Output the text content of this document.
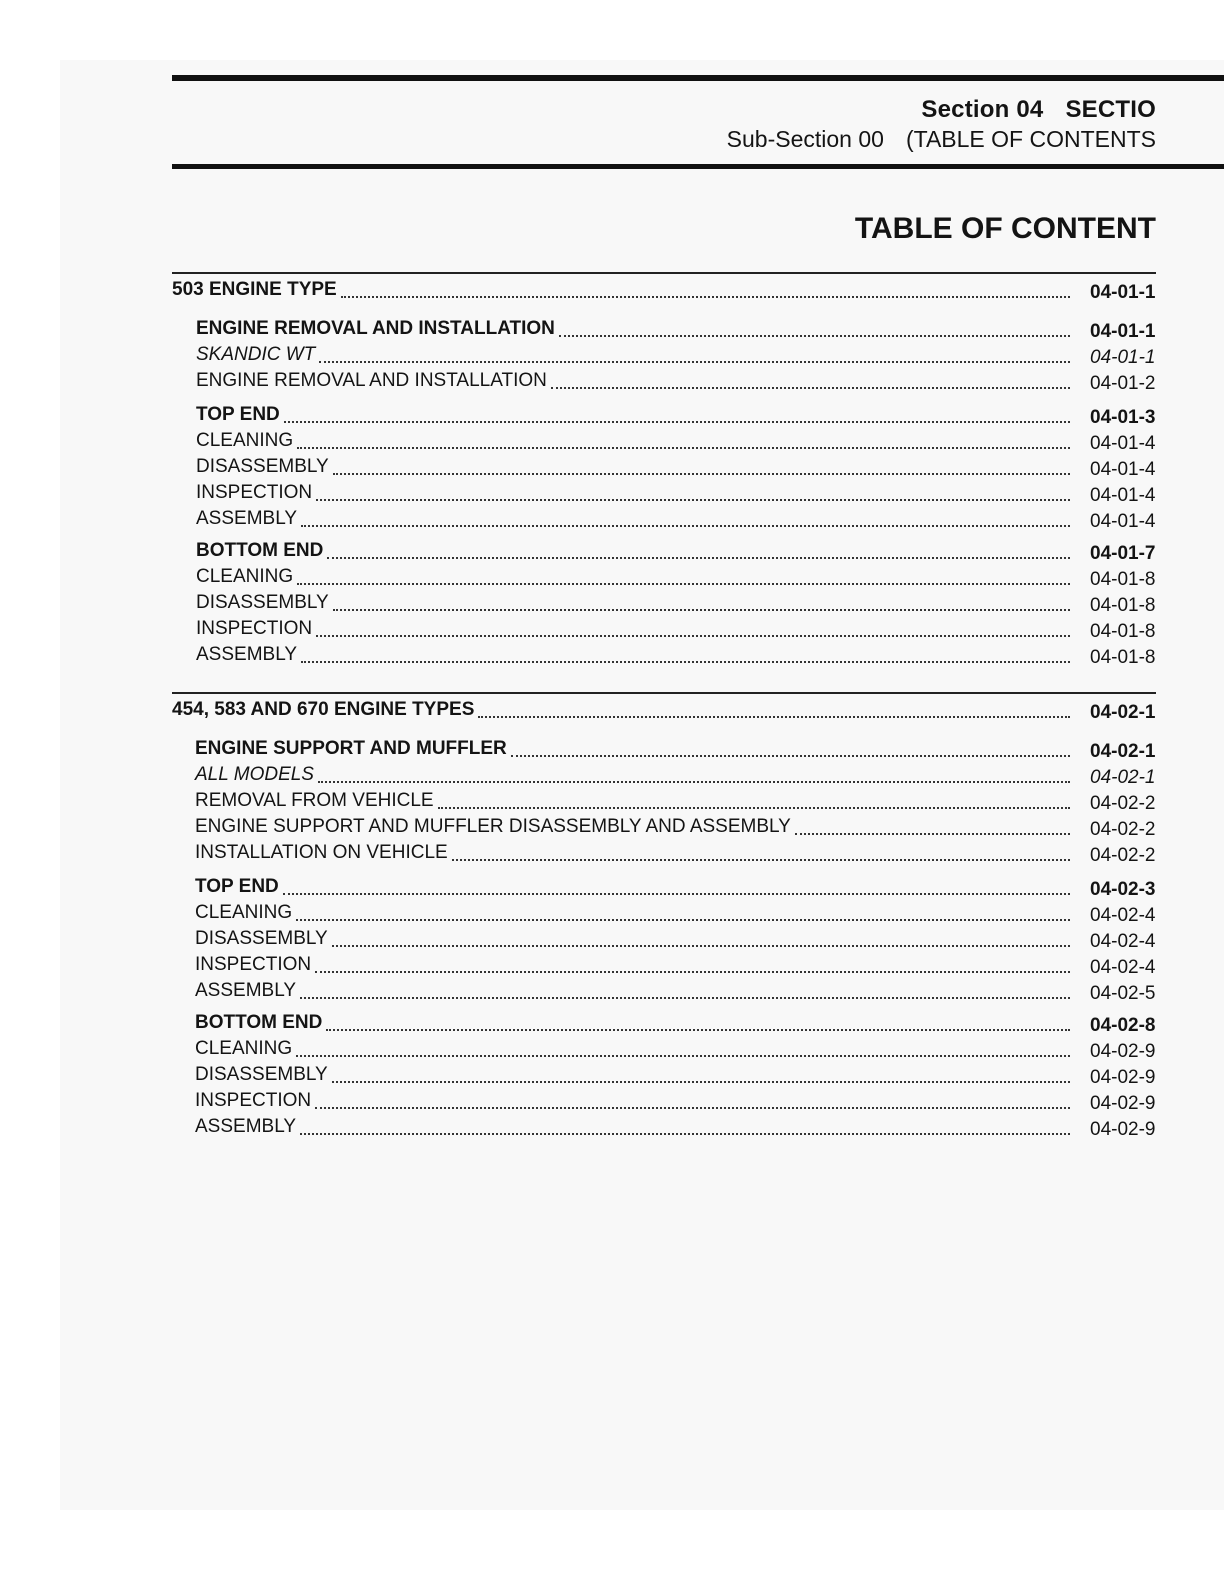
Section 04 SECTIO
Sub-Section 00 (TABLE OF CONTENTS
TABLE OF CONTENT
503 ENGINE TYPE	04-01-1
ENGINE REMOVAL AND INSTALLATION	04-01-1
SKANDIC WT	04-01-1
ENGINE REMOVAL AND INSTALLATION	04-01-2
TOP END	04-01-3
CLEANING	04-01-4
DISASSEMBLY	04-01-4
INSPECTION	04-01-4
ASSEMBLY	04-01-4
BOTTOM END	04-01-7
CLEANING	04-01-8
DISASSEMBLY	04-01-8
INSPECTION	04-01-8
ASSEMBLY	04-01-8
454, 583 AND 670 ENGINE TYPES	04-02-1
ENGINE SUPPORT AND MUFFLER	04-02-1
ALL MODELS	04-02-1
REMOVAL FROM VEHICLE	04-02-2
ENGINE SUPPORT AND MUFFLER DISASSEMBLY AND ASSEMBLY	04-02-2
INSTALLATION ON VEHICLE	04-02-2
TOP END	04-02-3
CLEANING	04-02-4
DISASSEMBLY	04-02-4
INSPECTION	04-02-4
ASSEMBLY	04-02-5
BOTTOM END	04-02-8
CLEANING	04-02-9
DISASSEMBLY	04-02-9
INSPECTION	04-02-9
ASSEMBLY	04-02-9
